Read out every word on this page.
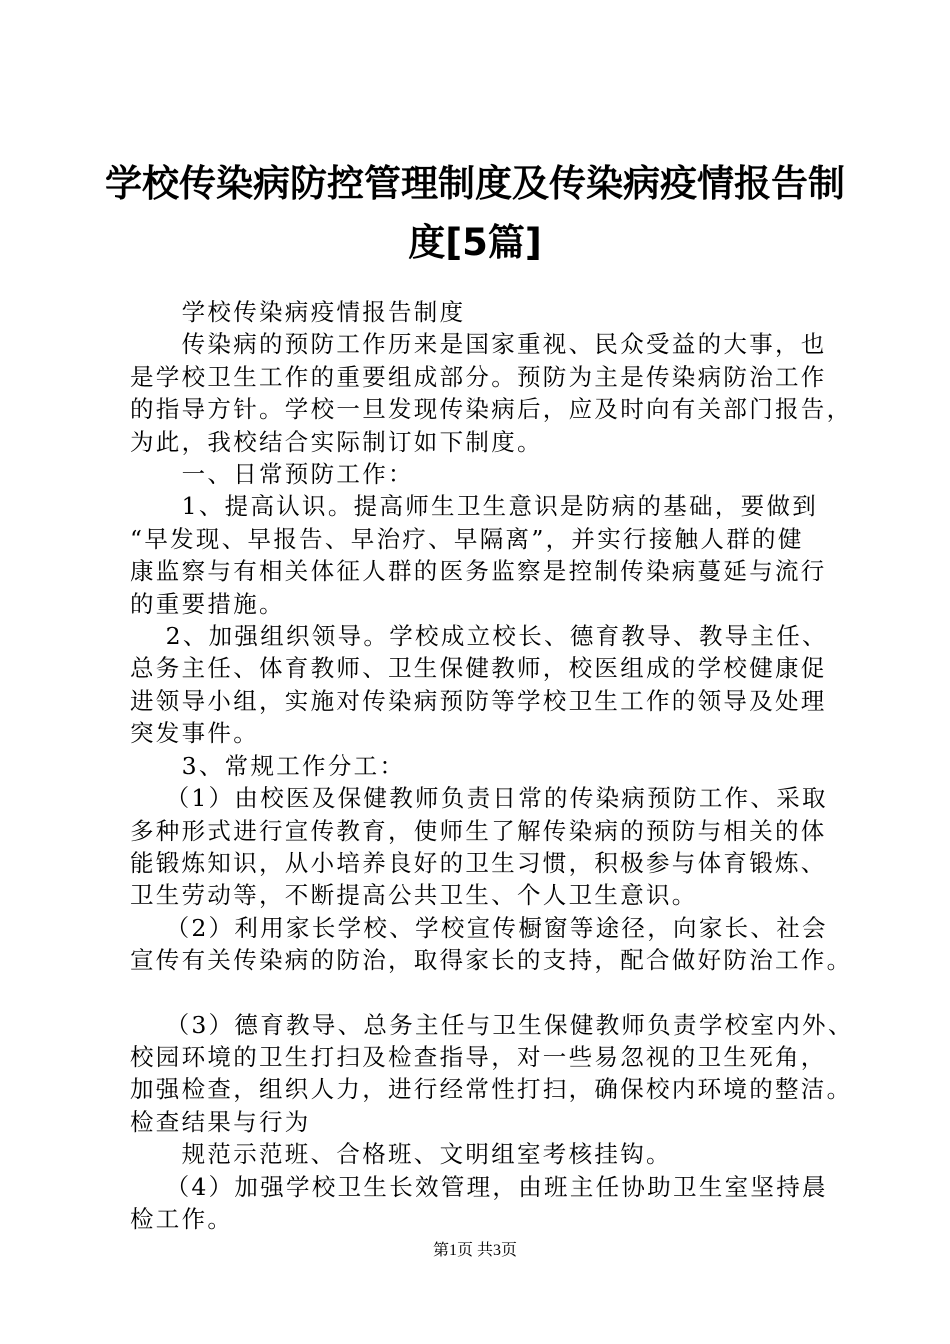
学校传染病防控管理制度及传染病疫情报告制
度[5篇]

　　学校传染病疫情报告制度

　　传染病的预防工作历来是国家重视、民众受益的大事，也

是学校卫生工作的重要组成部分。预防为主是传染病防治工作

的指导方针。学校一旦发现传染病后，应及时向有关部门报告，

为此，我校结合实际制订如下制度。

　　一、日常预防工作：

　　1、提高认识。提高师生卫生意识是防病的基础，要做到

“早发现、早报告、早治疗、早隔离”，并实行接触人群的健

康监察与有相关体征人群的医务监察是控制传染病蔓延与流行

的重要措施。

　 2、加强组织领导。学校成立校长、德育教导、教导主任、

总务主任、体育教师、卫生保健教师，校医组成的学校健康促

进领导小组，实施对传染病预防等学校卫生工作的领导及处理

突发事件。

　　3、常规工作分工：

　 （1）由校医及保健教师负责日常的传染病预防工作、采取

多种形式进行宣传教育，使师生了解传染病的预防与相关的体

能锻炼知识，从小培养良好的卫生习惯，积极参与体育锻炼、

卫生劳动等，不断提高公共卫生、个人卫生意识。

　 （2）利用家长学校、学校宣传橱窗等途径，向家长、社会

宣传有关传染病的防治，取得家长的支持，配合做好防治工作。

　 （3）德育教导、总务主任与卫生保健教师负责学校室内外、

校园环境的卫生打扫及检查指导，对一些易忽视的卫生死角，

加强检查，组织人力，进行经常性打扫，确保校内环境的整洁。

检查结果与行为

　　规范示范班、合格班、文明组室考核挂钩。

　 （4）加强学校卫生长效管理，由班主任协助卫生室坚持晨

检工作。

第1页 共3页
